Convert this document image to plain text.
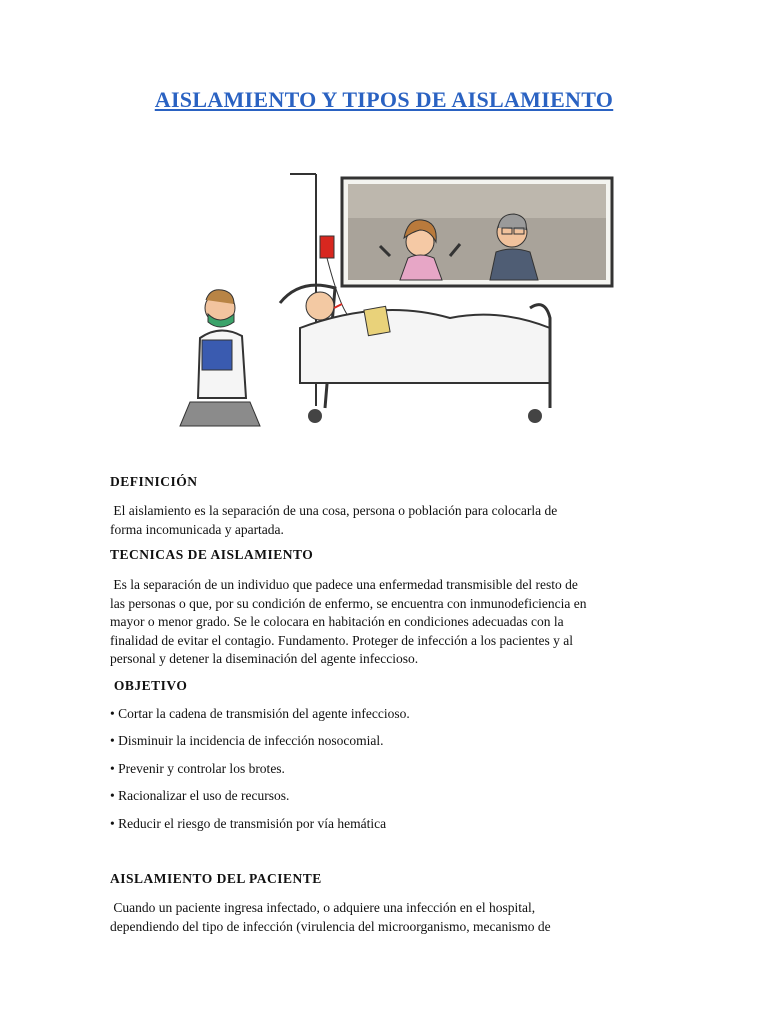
AISLAMIENTO Y TIPOS DE AISLAMIENTO
DEFINICIÓN
El aislamiento es la separación de una cosa, persona o población para colocarla de
forma incomunicada y apartada.
TECNICAS DE AISLAMIENTO
Es la separación de un individuo que padece una enfermedad transmisible del resto de
las personas o que, por su condición de enfermo, se encuentra con inmunodeficiencia en
mayor o menor grado. Se le colocara en habitación en condiciones adecuadas con la
finalidad de evitar el contagio. Fundamento. Proteger de infección a los pacientes y al
personal y detener la diseminación del agente infeccioso.
OBJETIVO
• Cortar la cadena de transmisión del agente infeccioso.
• Disminuir la incidencia de infección nosocomial.
• Prevenir y controlar los brotes.
• Racionalizar el uso de recursos.
• Reducir el riesgo de transmisión por vía hemática
AISLAMIENTO DEL PACIENTE
Cuando un paciente ingresa infectado, o adquiere una infección en el hospital,
dependiendo del tipo de infección (virulencia del microorganismo, mecanismo de
